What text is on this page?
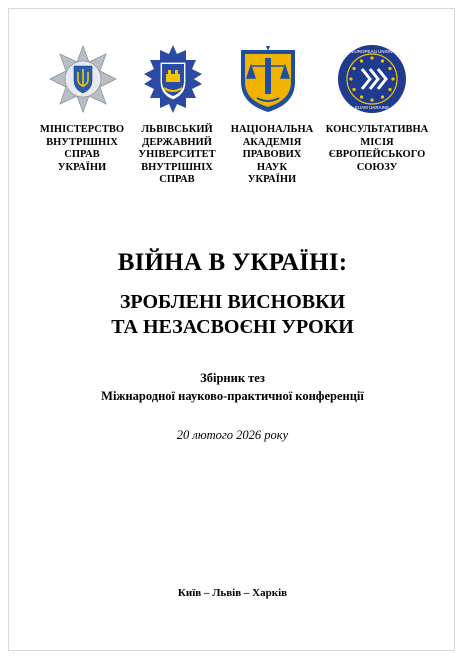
EUROPEAN UNION
EUAM UKRAINE
МІНІСТЕРСТВО
ВНУТРІШНІХ
СПРАВ
УКРАЇНИ
ЛЬВІВСЬКИЙ
ДЕРЖАВНИЙ
УНІВЕРСИТЕТ
ВНУТРІШНІХ
СПРАВ
НАЦІОНАЛЬНА
АКАДЕМІЯ
ПРАВОВИХ
НАУК
УКРАЇНИ
КОНСУЛЬТАТИВНА
МІСІЯ
ЄВРОПЕЙСЬКОГО
СОЮЗУ
ВІЙНА В УКРАЇНІ:
ЗРОБЛЕНІ ВИСНОВКИ
ТА НЕЗАСВОЄНІ УРОКИ
Збірник тез
Міжнародної науково-практичної конференції
20 лютого 2026 року
Київ – Львів – Харків
